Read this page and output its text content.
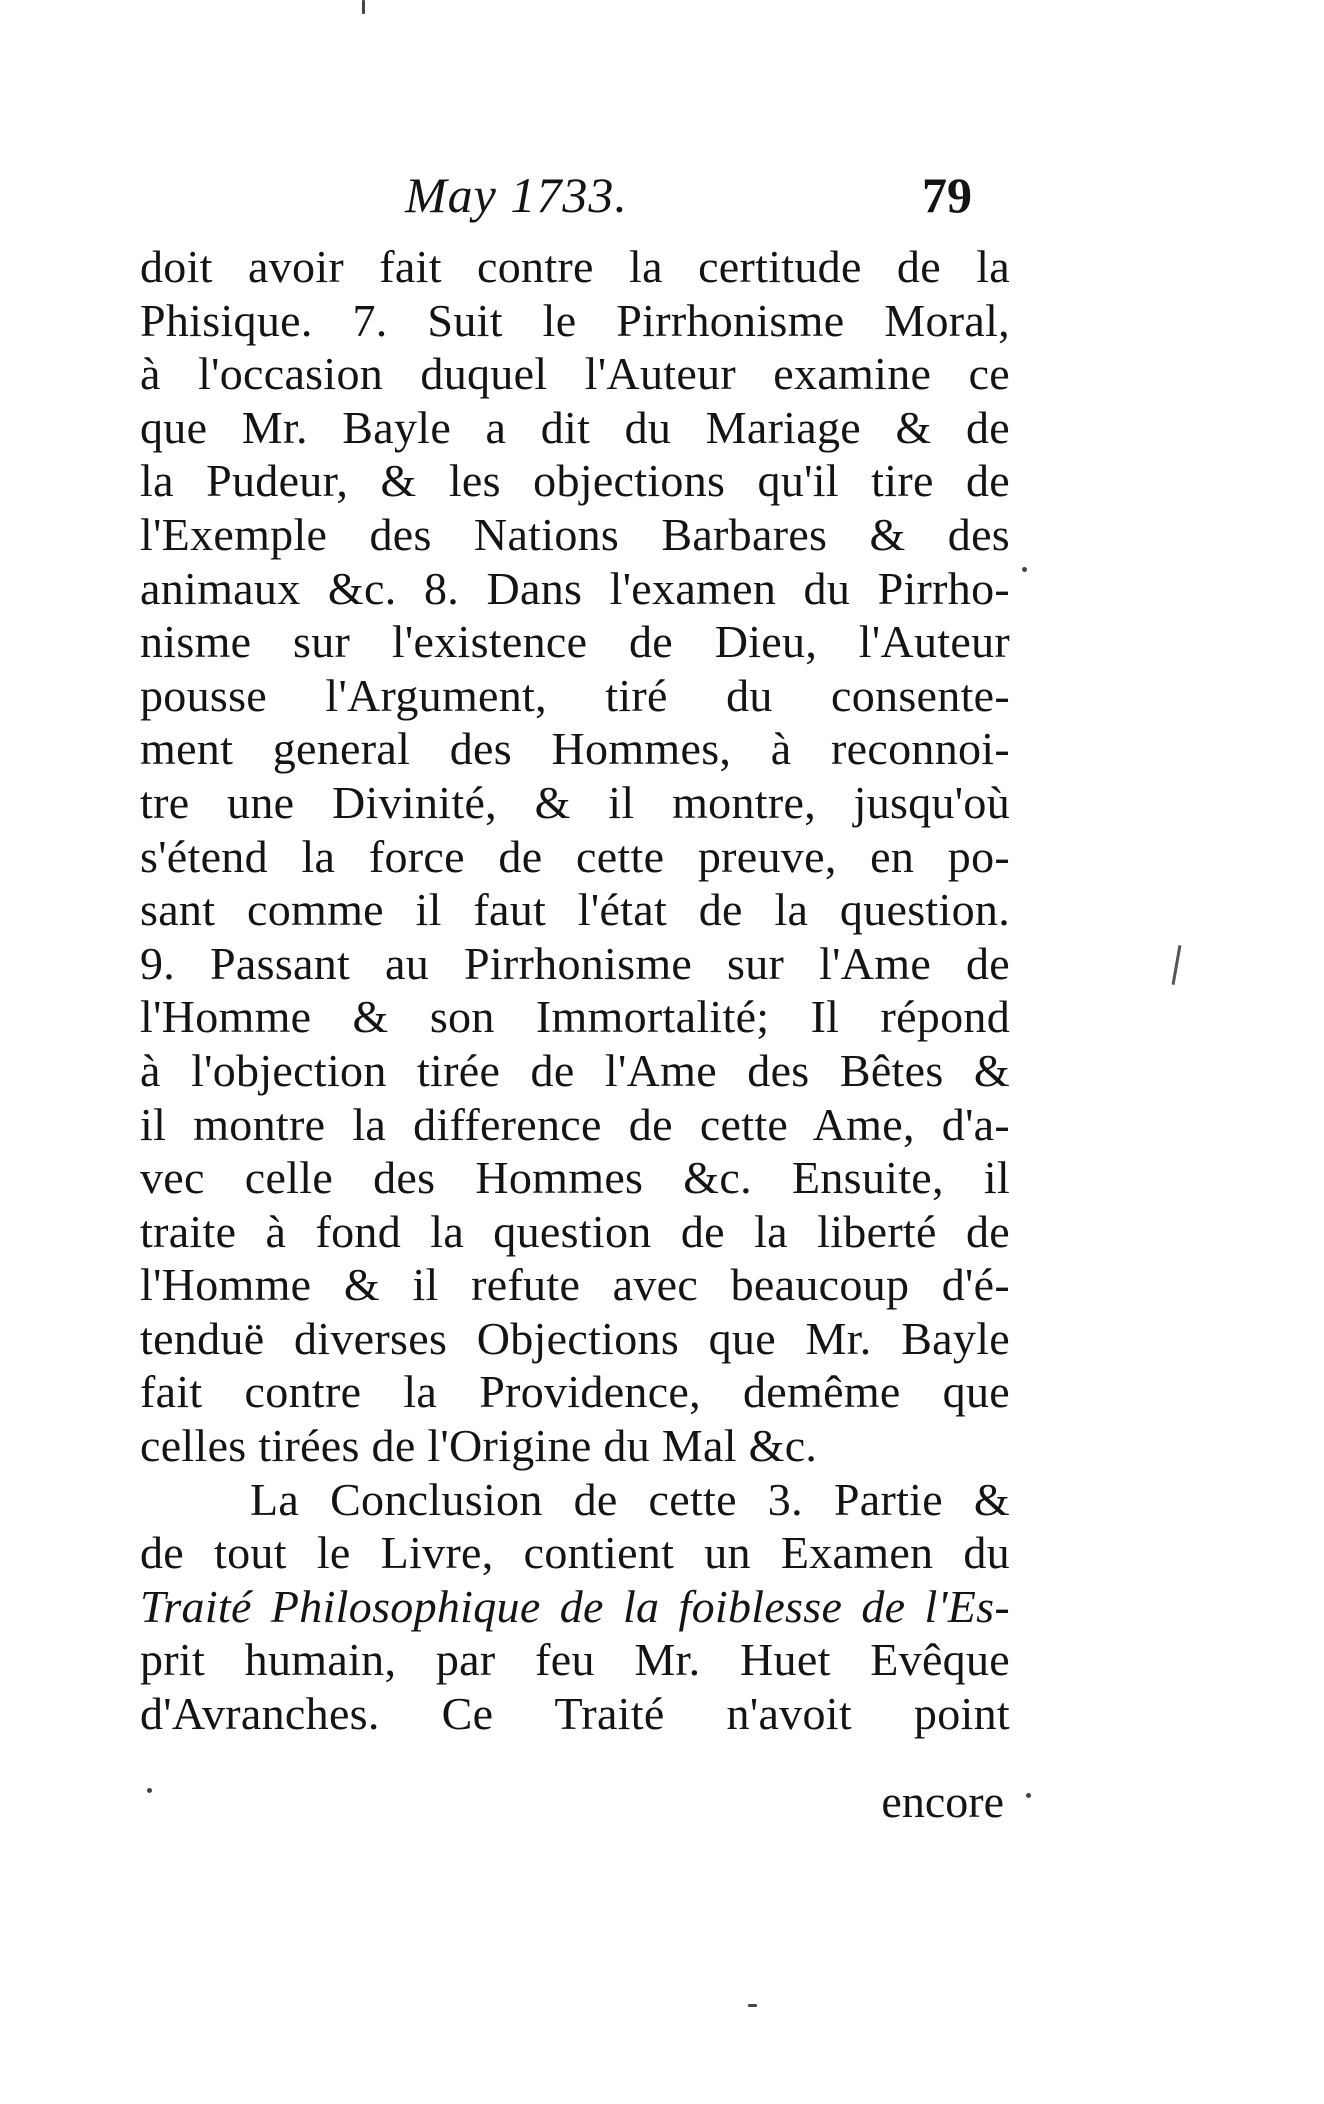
May 1733.	79
doit avoir fait contre la certitude de la
Phisique. 7. Suit le Pirrhonisme Moral,
à l'occasion duquel l'Auteur examine ce
que Mr. Bayle a dit du Mariage & de
la Pudeur, & les objections qu'il tire de
l'Exemple des Nations Barbares & des
animaux &c. 8. Dans l'examen du Pirrho-
nisme sur l'existence de Dieu, l'Auteur
pousse l'Argument, tiré du consente-
ment general des Hommes, à reconnoi-
tre une Divinité, & il montre, jusqu'où
s'étend la force de cette preuve, en po-
sant comme il faut l'état de la question.
9. Passant au Pirrhonisme sur l'Ame de
l'Homme & son Immortalité; Il répond
à l'objection tirée de l'Ame des Bêtes &
il montre la difference de cette Ame, d'a-
vec celle des Hommes &c. Ensuite, il
traite à fond la question de la liberté de
l'Homme & il refute avec beaucoup d'é-
tenduë diverses Objections que Mr. Bayle
fait contre la Providence, demême que
celles tirées de l'Origine du Mal &c.
La Conclusion de cette 3. Partie &
de tout le Livre, contient un Examen du
Traité Philosophique de la foiblesse de l'Es-
prit humain, par feu Mr. Huet Evêque
d'Avranches. Ce Traité n'avoit point
encore
